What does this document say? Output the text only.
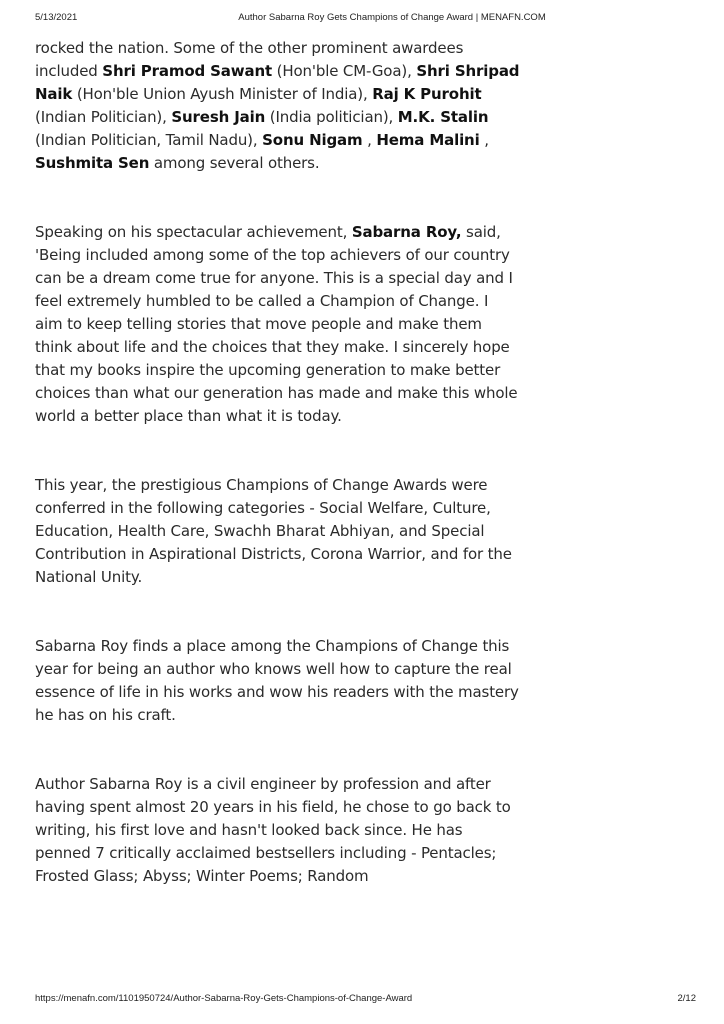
5/13/2021	Author Sabarna Roy Gets Champions of Change Award | MENAFN.COM

rocked the nation. Some of the other prominent awardees included Shri Pramod Sawant (Hon'ble CM-Goa), Shri Shripad Naik (Hon'ble Union Ayush Minister of India), Raj K Purohit (Indian Politician), Suresh Jain (India politician), M.K. Stalin (Indian Politician, Tamil Nadu), Sonu Nigam , Hema Malini , Sushmita Sen among several others.

Speaking on his spectacular achievement, Sabarna Roy, said, 'Being included among some of the top achievers of our country can be a dream come true for anyone. This is a special day and I feel extremely humbled to be called a Champion of Change. I aim to keep telling stories that move people and make them think about life and the choices that they make. I sincerely hope that my books inspire the upcoming generation to make better choices than what our generation has made and make this whole world a better place than what it is today.

This year, the prestigious Champions of Change Awards were conferred in the following categories - Social Welfare, Culture, Education, Health Care, Swachh Bharat Abhiyan, and Special Contribution in Aspirational Districts, Corona Warrior, and for the National Unity.

Sabarna Roy finds a place among the Champions of Change this year for being an author who knows well how to capture the real essence of life in his works and wow his readers with the mastery he has on his craft.

Author Sabarna Roy is a civil engineer by profession and after having spent almost 20 years in his field, he chose to go back to writing, his first love and hasn't looked back since. He has penned 7 critically acclaimed bestsellers including - Pentacles; Frosted Glass; Abyss; Winter Poems; Random

https://menafn.com/1101950724/Author-Sabarna-Roy-Gets-Champions-of-Change-Award	2/12
